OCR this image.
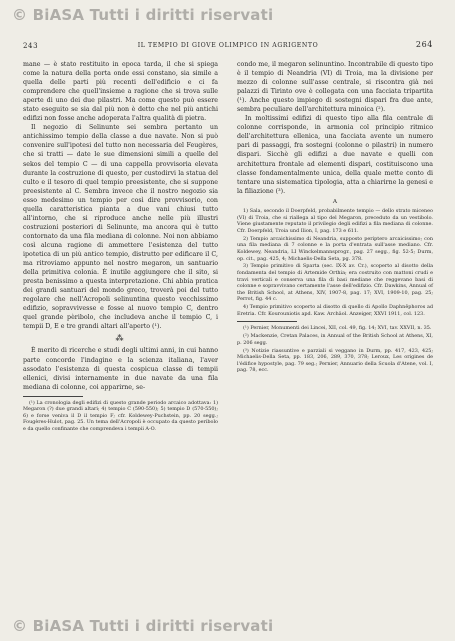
© BiASA Tutti i diritti riservati
243	IL TEMPIO DI GIOVE OLIMPICO IN AGRIGENTO	264

mane — è stato restituito in epoca tarda, il che si spiega come la natura della porta onde essi constano, sia simile a quella delle parti più recenti dell'edificio e ci fa comprendere che quell'insieme a ragione che si trova sulle aperte di uno dei due pilastri. Ma come questo può essere stato eseguito se sia dal più non è detto che nel più antichi edifizi non fosse anche adoperata l'altra qualità di pietra.

Il negozio di Selinunte sei sembra pertanto un antichissimo tempio della classe a due navate. Non si può convenire sull'ipotesi del tutto non necessaria del Feugères, che si tratti — date le sue dimensioni simili a quelle del sekos del tempio C — di una cappella provvisoria elevata durante la costruzione di questo, per custodirvi la statua del culto e il tesoro di quel tempio preesistente, che si suppone preesistente al C. Sembra invece che il nostro negozio sia esso medesimo un tempio per così dire provvisorio, con quella caratteristica pianta a due vani chiusi tutto all'intorno, che si riproduce anche nelle più illustri costruzioni posteriori di Selinunte, ma ancora qui è tutto contornato da una fila mediana di colonne. Noi non abbiamo così alcuna ragione di ammettere l'esistenza del tutto ipotetica di un più antico tempio, distrutto per edificare il C, ma ritroviamo appunto nel nostro megaron, un santuario della primitiva colonia. È inutile aggiungere che il sito, si presta benissimo a questa interpretazione. Chi abbia pratica dei grandi santuari del mondo greco, troverà poi del tutto regolare che nell'Acropoli selinuntina questo vecchissimo edifizio, sopravvivesse e fosse al nuovo tempio C, dentro quel grande pèribolo, che includeva anche il tempio C, i tempii D, E e tre grandi altari all'aperto (¹).

⁂

È merito di ricerche e studi degli ultimi anni, in cui hanno parte concorde l'indagine e la scienza italiana, l'aver assodato l'esistenza di questa cospicua classe di tempii ellenici, divisi internamente in due navate da una fila mediana di colonne, coi apparirne, se-

(¹) La cronologia degli edifizi di questo grande periodo arcaico adottava: 1) Megaron (?) due grandi altari; 4) tempio C (590-550); 5) tempio D (570-550); 6) e forse veniva il D il tempio F; cfr. Koldewey-Puchstein, pp. 20 segg.; Fougères-Hulot, pag. 25. Un tema dell'Acropoli è occupato da questo peribolo e da quello confinante che comprendeva i tempii A-O.

condo me, il megaron selinuntino. Incontrabile di questo tipo è il tempio di Neandria (VI) di Troia, ma la divisione per mezzo di colonne sull'asse centrale, si riscontra già nei palazzi di Tirinto ove è collegata con una facciata tripartita (¹). Anche questo impiego di sostegni dispari fra due ante, sembra peculiare dell'architettura minoica (²).

In moltissimi edifizi di questo tipo alla fila centrale di colonne corrisponde, in armonia col principio ritmico dell'architettura ellenica, una facciata avente un numero pari di passaggi, fra sostegni (colonne o pilastri) in numero dispari. Sicchè gli edifizi a due navate e quelli con architettura frontale ad elementi dispari, costituiscono una classe fondamentalmente unica, della quale mette conto di tentare una sistematica tipologia, atta a chiarirne la genesi e la filiazione (³).

A

1) Sala, secondo il Doerpfeld, probabilmente tempio — dello strato miceneo (VI) di Troia, che si riallega al tipo del Megaron, preceduto da un vestibolo. Viene giustamente reputato il privilegio degli edifizi a fila mediana di colonne. Cfr. Doerpfeld, Troia und Ilion, I, pag. 173 e 611.

2) Tempio arcaichissimo di Neandria, supposto periptero arcaicissimo; con una fila mediana di 7 colonne e la porta d'entrata sull'asse mediano. Cfr. Koldewey, Neandria, LI Winckelmannsprogr., pag. 27 segg., fig. 52-5; Durm, op. cit., pag. 425, 4; Michaelis-Della Seta, pg. 378.

3) Tempio primitivo di Sparta (sec. IX-X av. Cr.), scoperto al disotto della fondamenta del tempio di Artemide Orthia; era costruito con mattoni crudi e travi verticali e conserva una fila di basi mediane che reggevano basi di colonne e sopravvivano certamente l'asse dell'edifizio. Cfr. Dawkins, Annual of the British School, at Athens, XIV, 1907-8, pag. 17; XVI, 1909-10, pag. 25; Perrot, fig. 44 c.

4) Tempio primitivo scoperto al disotto di quello di Apollo Daphnêphoros ad Eretria. Cfr. Kourouniotis apd. Kaw. Archäol. Anzeiger, XXVI 1911, col. 123.

(¹) Pernier, Monumenti dei Lincei, XII, col. 49, fig. 14; XVI, tav. XXVII, n. 35.

(²) Mackenzie, Cretan Palaces, in Annual of the British School at Athens, XI, p. 206 segg.

(³) Notizie riassuntive e parziali si veggano in Durm, pp. 417, 423, 425; Michaelis-Della Seta, pp. 183, 206, 289, 370, 378; Leroux, Les origines de l'édifice hypostyle, pag. 79 seg.; Pernier, Annuario della Scuola d'Atene, vol. I, pag. 78, ecc.

© BiASA Tutti i diritti riservati
